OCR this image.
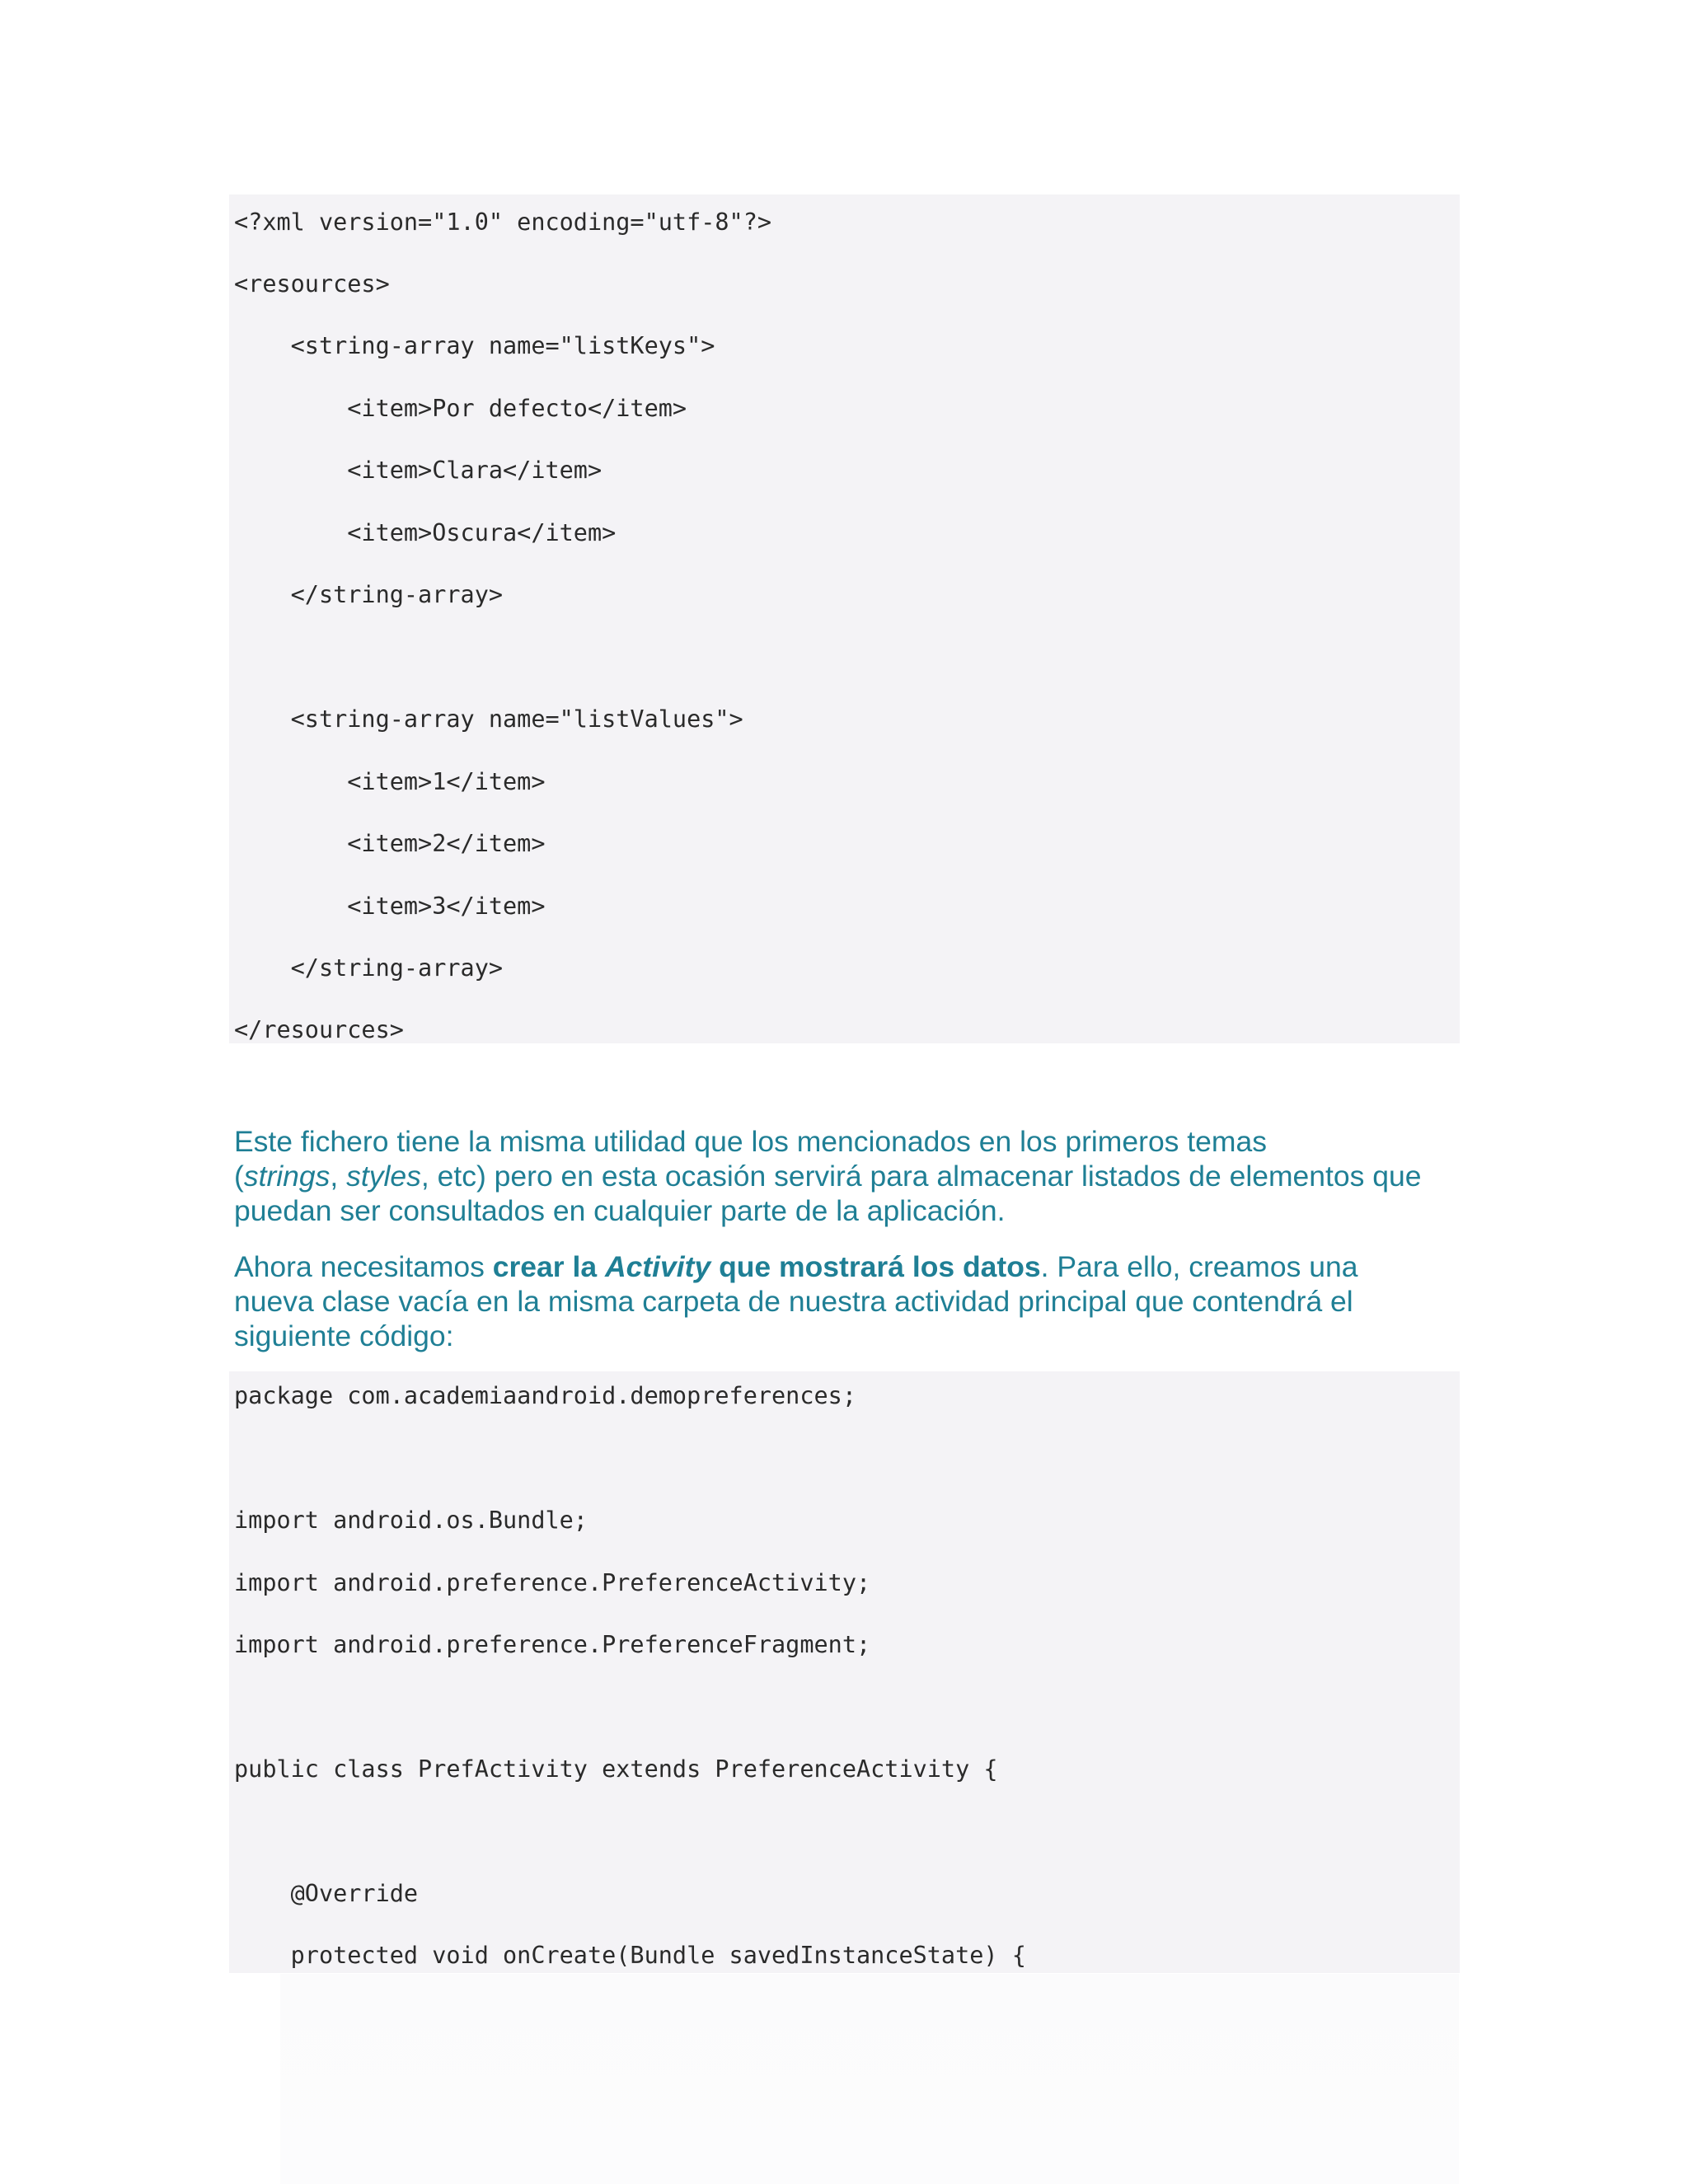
<?xml version="1.0" encoding="utf-8"?>
<resources>
<string-array name="listKeys">
<item>Por defecto</item>
<item>Clara</item>
<item>Oscura</item>
</string-array>
<string-array name="listValues">
<item>1</item>
<item>2</item>
<item>3</item>
</string-array>
</resources>
Este fichero tiene la misma utilidad que los mencionados en los primeros temas
(strings, styles, etc) pero en esta ocasión servirá para almacenar listados de elementos que
puedan ser consultados en cualquier parte de la aplicación.
Ahora necesitamos crear la Activity que mostrará los datos. Para ello, creamos una
nueva clase vacía en la misma carpeta de nuestra actividad principal que contendrá el
siguiente código:
package com.academiaandroid.demopreferences;
import android.os.Bundle;
import android.preference.PreferenceActivity;
import android.preference.PreferenceFragment;
public class PrefActivity extends PreferenceActivity {
@Override
protected void onCreate(Bundle savedInstanceState) {
